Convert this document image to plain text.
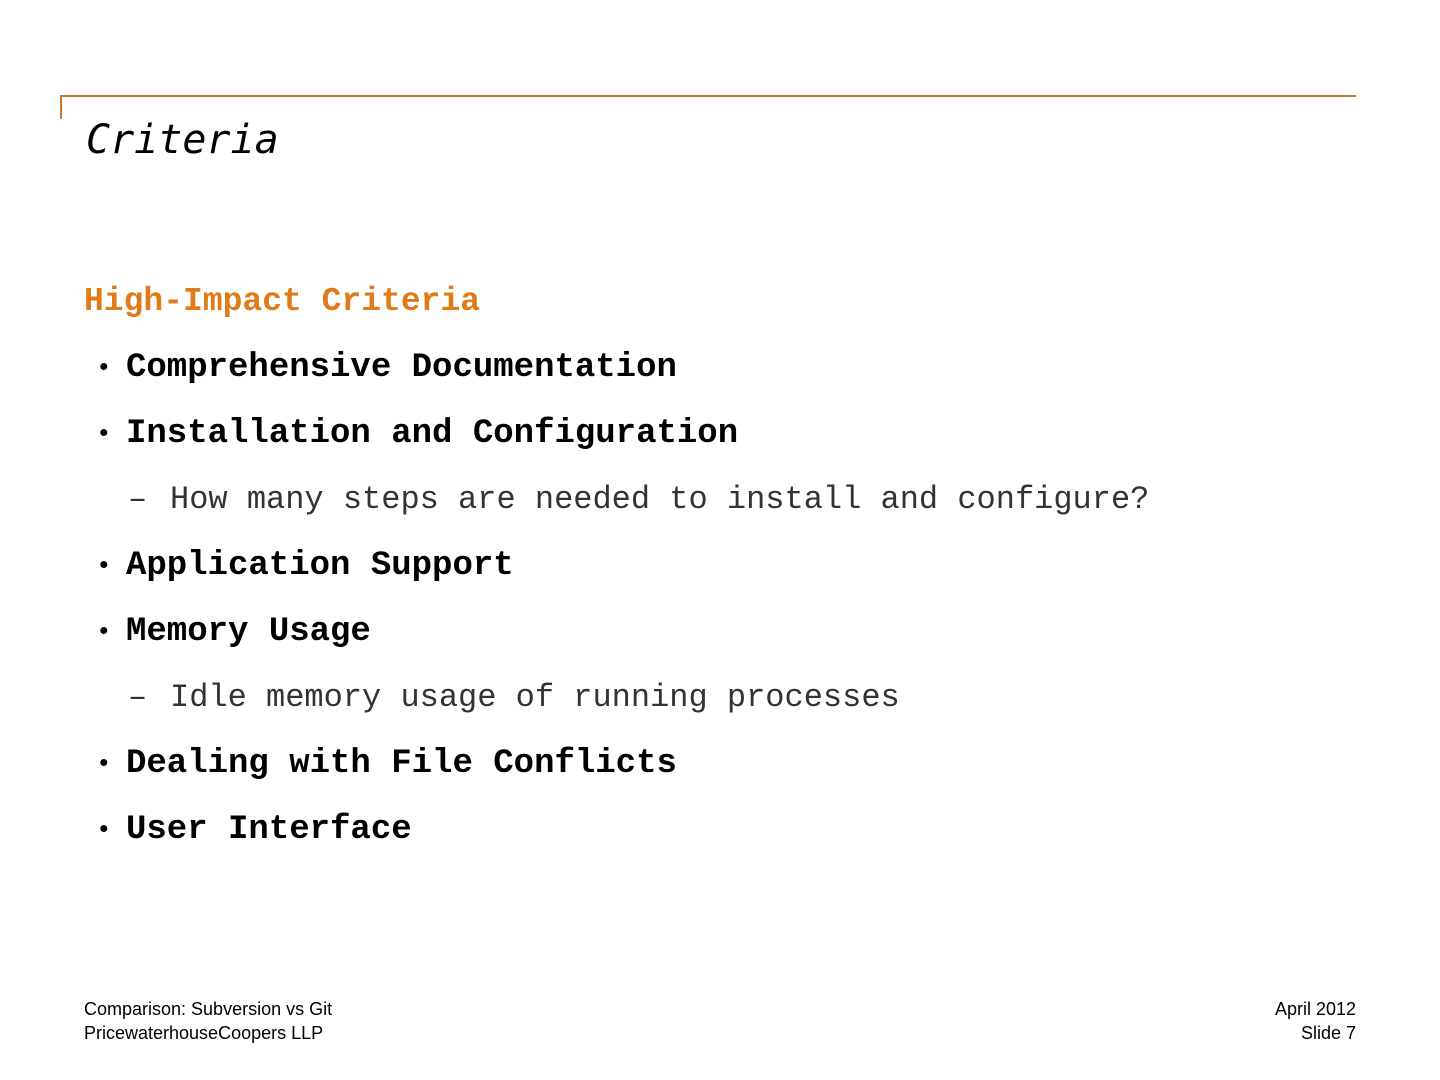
Criteria
High-Impact Criteria
• Comprehensive Documentation
• Installation and Configuration
– How many steps are needed to install and configure?
• Application Support
• Memory Usage
– Idle memory usage of running processes
• Dealing with File Conflicts
• User Interface
Comparison: Subversion vs Git
PricewaterhouseCoopers LLP
April 2012
Slide 7
